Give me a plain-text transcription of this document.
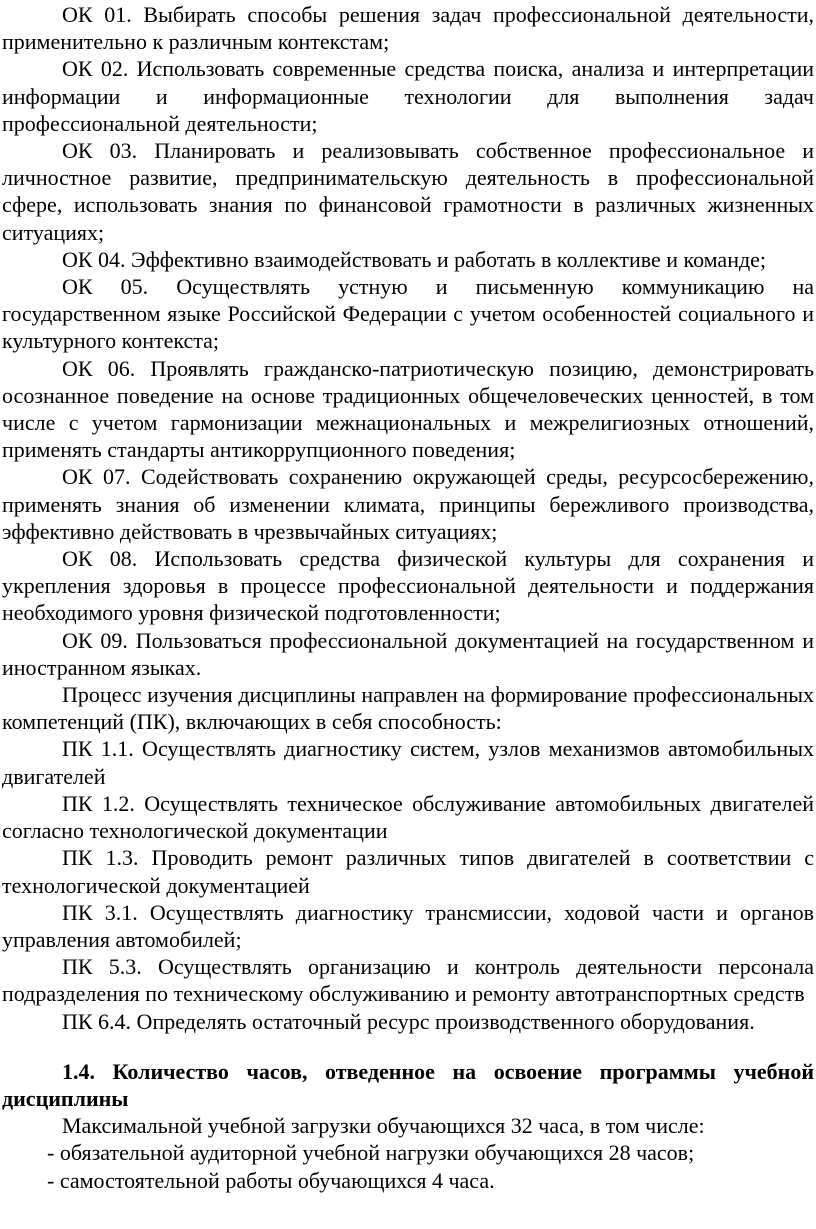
ОК 01. Выбирать способы решения задач профессиональной деятельности, применительно к различным контекстам;

ОК 02. Использовать современные средства поиска, анализа и интерпретации информации и информационные технологии для выполнения задач профессиональной деятельности;

ОК 03. Планировать и реализовывать собственное профессиональное и личностное развитие, предпринимательскую деятельность в профессиональной сфере, использовать знания по финансовой грамотности в различных жизненных ситуациях;

ОК 04. Эффективно взаимодействовать и работать в коллективе и команде;

ОК 05. Осуществлять устную и письменную коммуникацию на государственном языке Российской Федерации с учетом особенностей социального и культурного контекста;

ОК 06. Проявлять гражданско-патриотическую позицию, демонстрировать осознанное поведение на основе традиционных общечеловеческих ценностей, в том числе с учетом гармонизации межнациональных и межрелигиозных отношений, применять стандарты антикоррупционного поведения;

ОК 07. Содействовать сохранению окружающей среды, ресурсосбережению, применять знания об изменении климата, принципы бережливого производства, эффективно действовать в чрезвычайных ситуациях;

ОК 08. Использовать средства физической культуры для сохранения и укрепления здоровья в процессе профессиональной деятельности и поддержания необходимого уровня физической подготовленности;

ОК 09. Пользоваться профессиональной документацией на государственном и иностранном языках.

Процесс изучения дисциплины направлен на формирование профессиональных компетенций (ПК), включающих в себя способность:

ПК 1.1. Осуществлять диагностику систем, узлов механизмов автомобильных двигателей

ПК 1.2. Осуществлять техническое обслуживание автомобильных двигателей согласно технологической документации

ПК 1.3. Проводить ремонт различных типов двигателей в соответствии с технологической документацией

ПК 3.1. Осуществлять диагностику трансмиссии, ходовой части и органов управления автомобилей;

ПК 5.3. Осуществлять организацию и контроль деятельности персонала подразделения по техническому обслуживанию и ремонту автотранспортных средств

ПК 6.4. Определять остаточный ресурс производственного оборудования.

1.4. Количество часов, отведенное на освоение программы учебной дисциплины

Максимальной учебной загрузки обучающихся 32 часа, в том числе:

- обязательной аудиторной учебной нагрузки обучающихся 28 часов;

- самостоятельной работы обучающихся 4 часа.
